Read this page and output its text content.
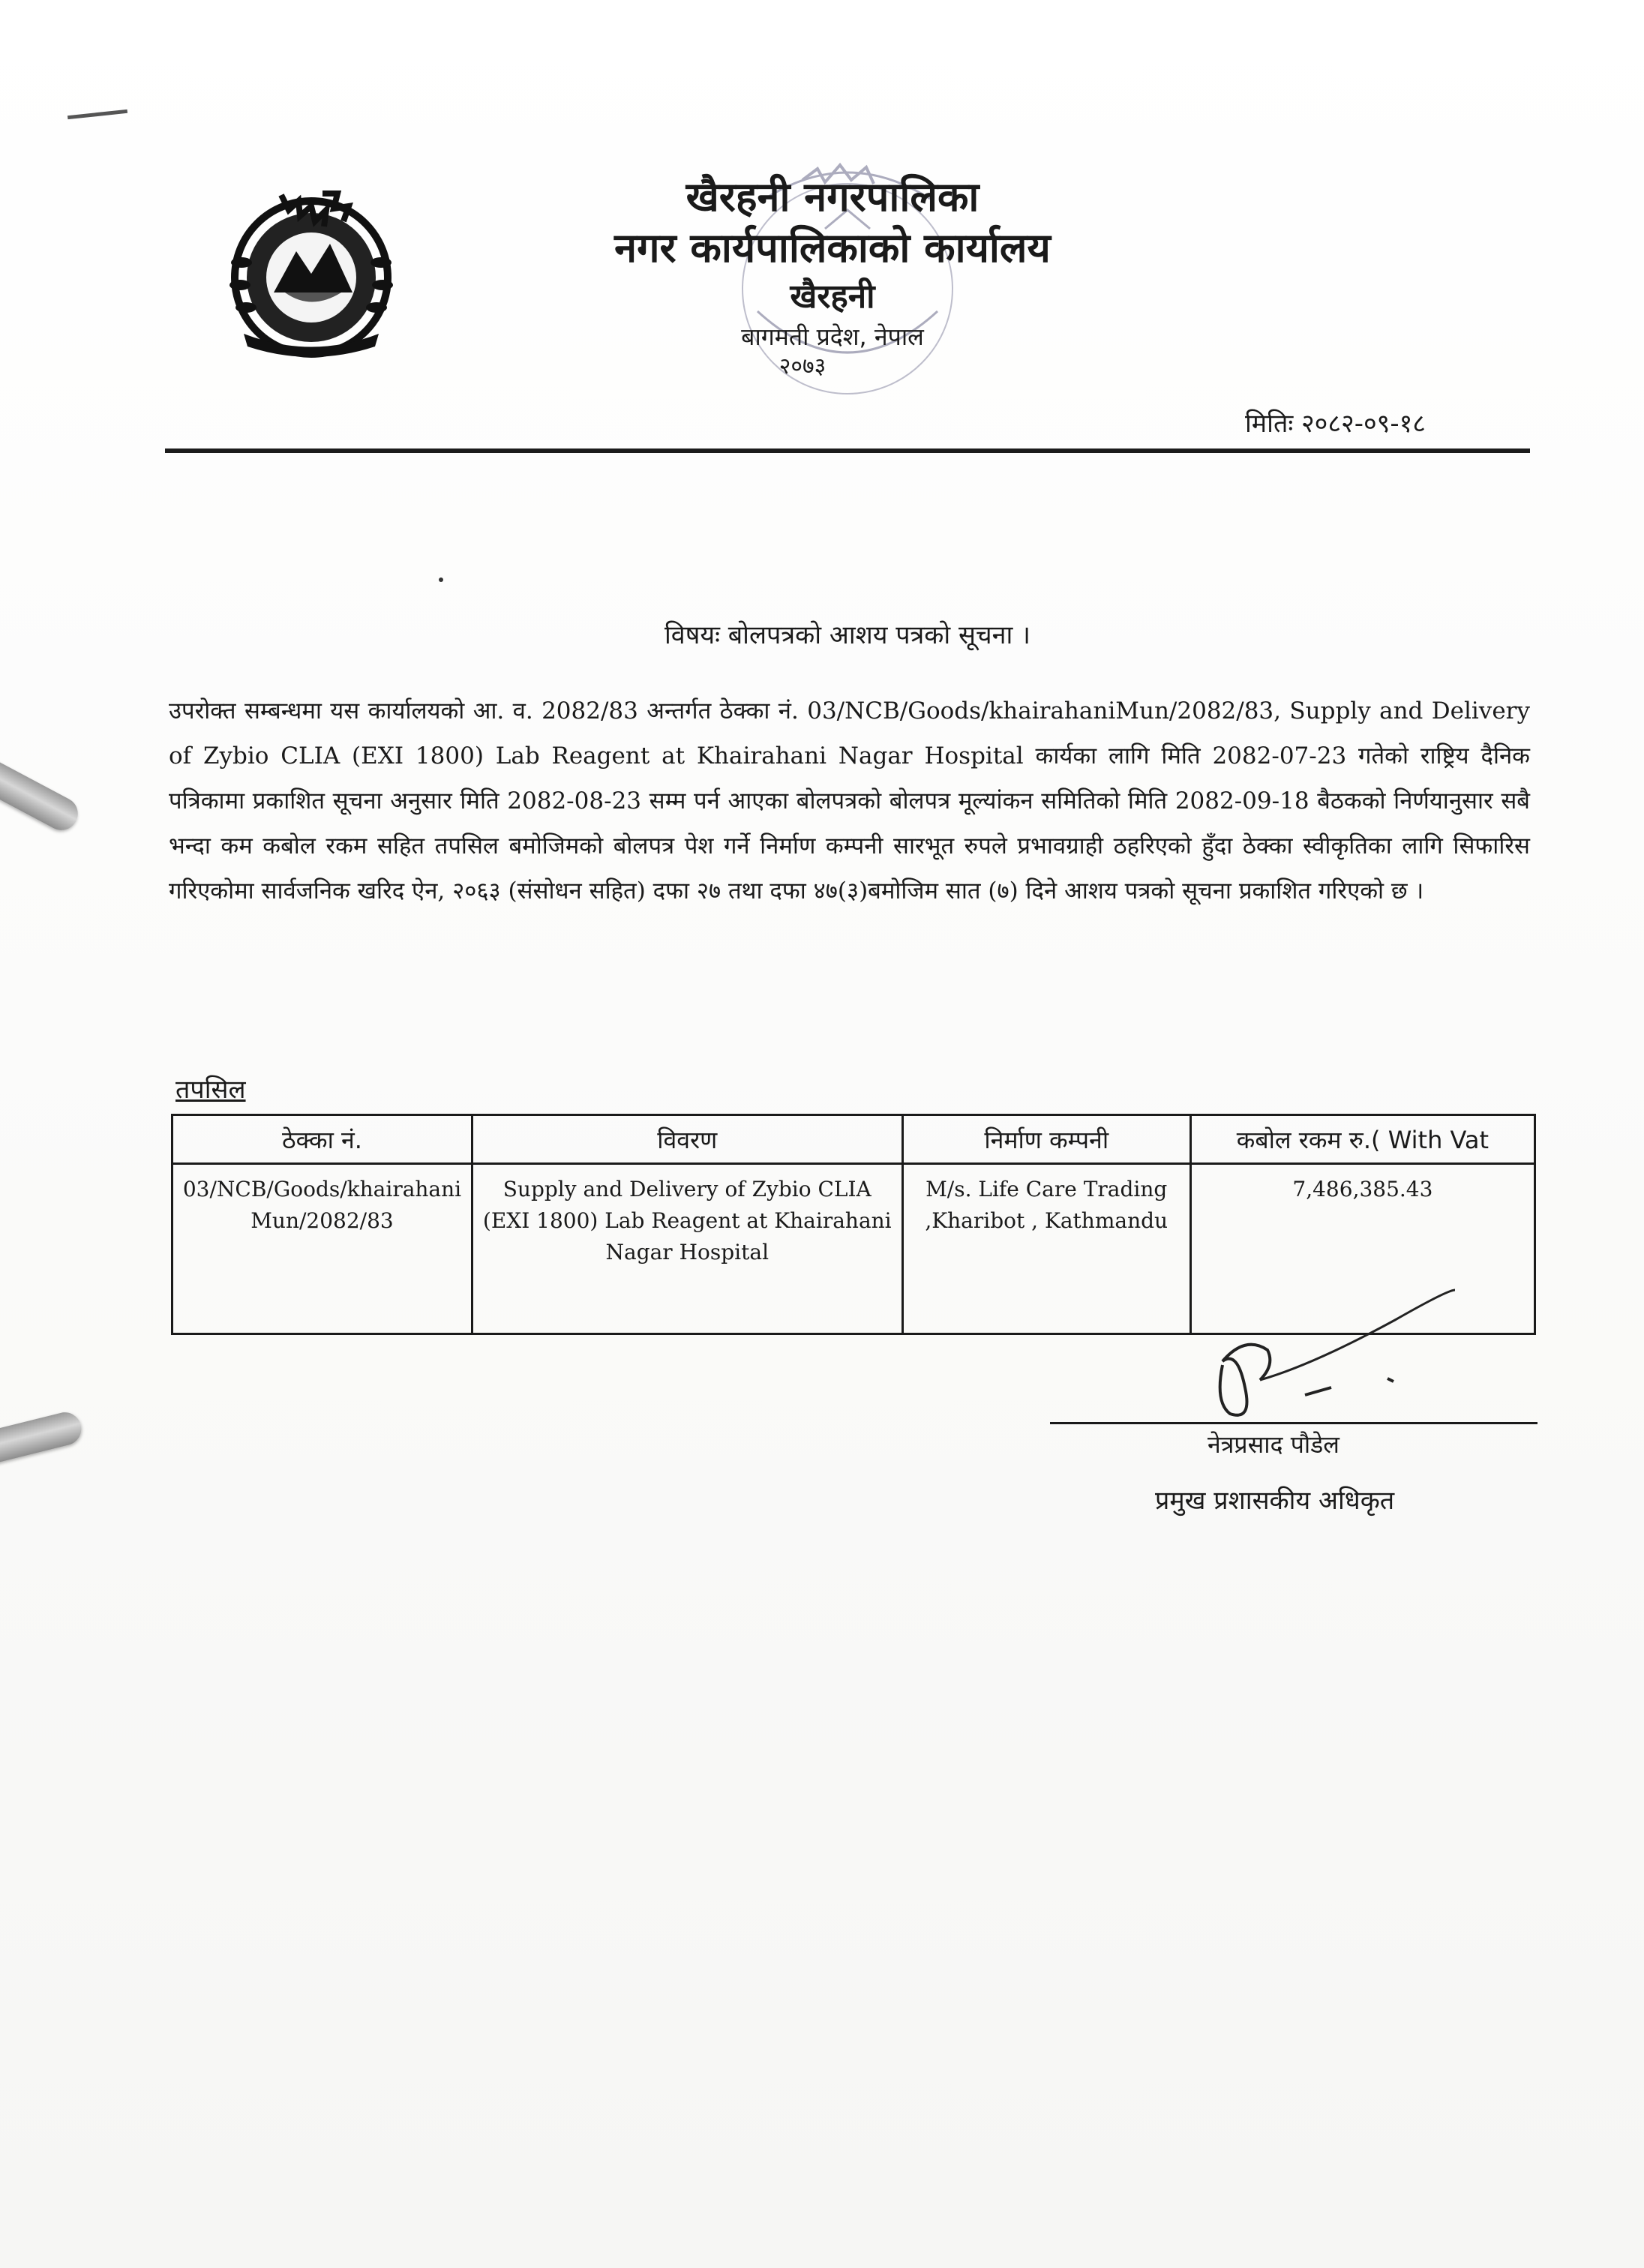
खैरहनी नगरपालिका
नगर कार्यपालिकाको कार्यालय
खैरहनी
बागमती प्रदेश, नेपाल
२०७३
मितिः २०८२-०९-१८
विषयः बोलपत्रको आशय पत्रको सूचना ।
उपरोक्त सम्बन्धमा यस कार्यालयको आ. व. 2082/83 अन्तर्गत ठेक्का नं. 03/NCB/Goods/khairahaniMun/2082/83, Supply and Delivery of Zybio CLIA (EXI 1800) Lab Reagent at Khairahani Nagar Hospital कार्यका लागि मिति 2082-07-23 गतेको राष्ट्रिय दैनिक पत्रिकामा प्रकाशित सूचना अनुसार मिति 2082-08-23 सम्म पर्न आएका बोलपत्रको बोलपत्र मूल्यांकन समितिको मिति 2082-09-18 बैठकको निर्णयानुसार सबै भन्दा कम कबोल रकम सहित तपसिल बमोजिमको बोलपत्र पेश गर्ने निर्माण कम्पनी सारभूत रुपले प्रभावग्राही ठहरिएको हुँदा ठेक्का स्वीकृतिका लागि सिफारिस गरिएकोमा सार्वजनिक खरिद ऐन, २०६३ (संसोधन सहित) दफा २७ तथा दफा ४७(३)बमोजिम सात (७) दिने आशय पत्रको सूचना प्रकाशित गरिएको छ ।
तपसिल
ठेक्का नं.	विवरण	निर्माण कम्पनी	कबोल रकम रु.( With Vat
03/NCB/Goods/khairahani Mun/2082/83	Supply and Delivery of Zybio CLIA (EXI 1800) Lab Reagent at Khairahani Nagar Hospital	M/s. Life Care Trading ,Kharibot , Kathmandu	7,486,385.43
नेत्रप्रसाद पौडेल
प्रमुख प्रशासकीय अधिकृत
